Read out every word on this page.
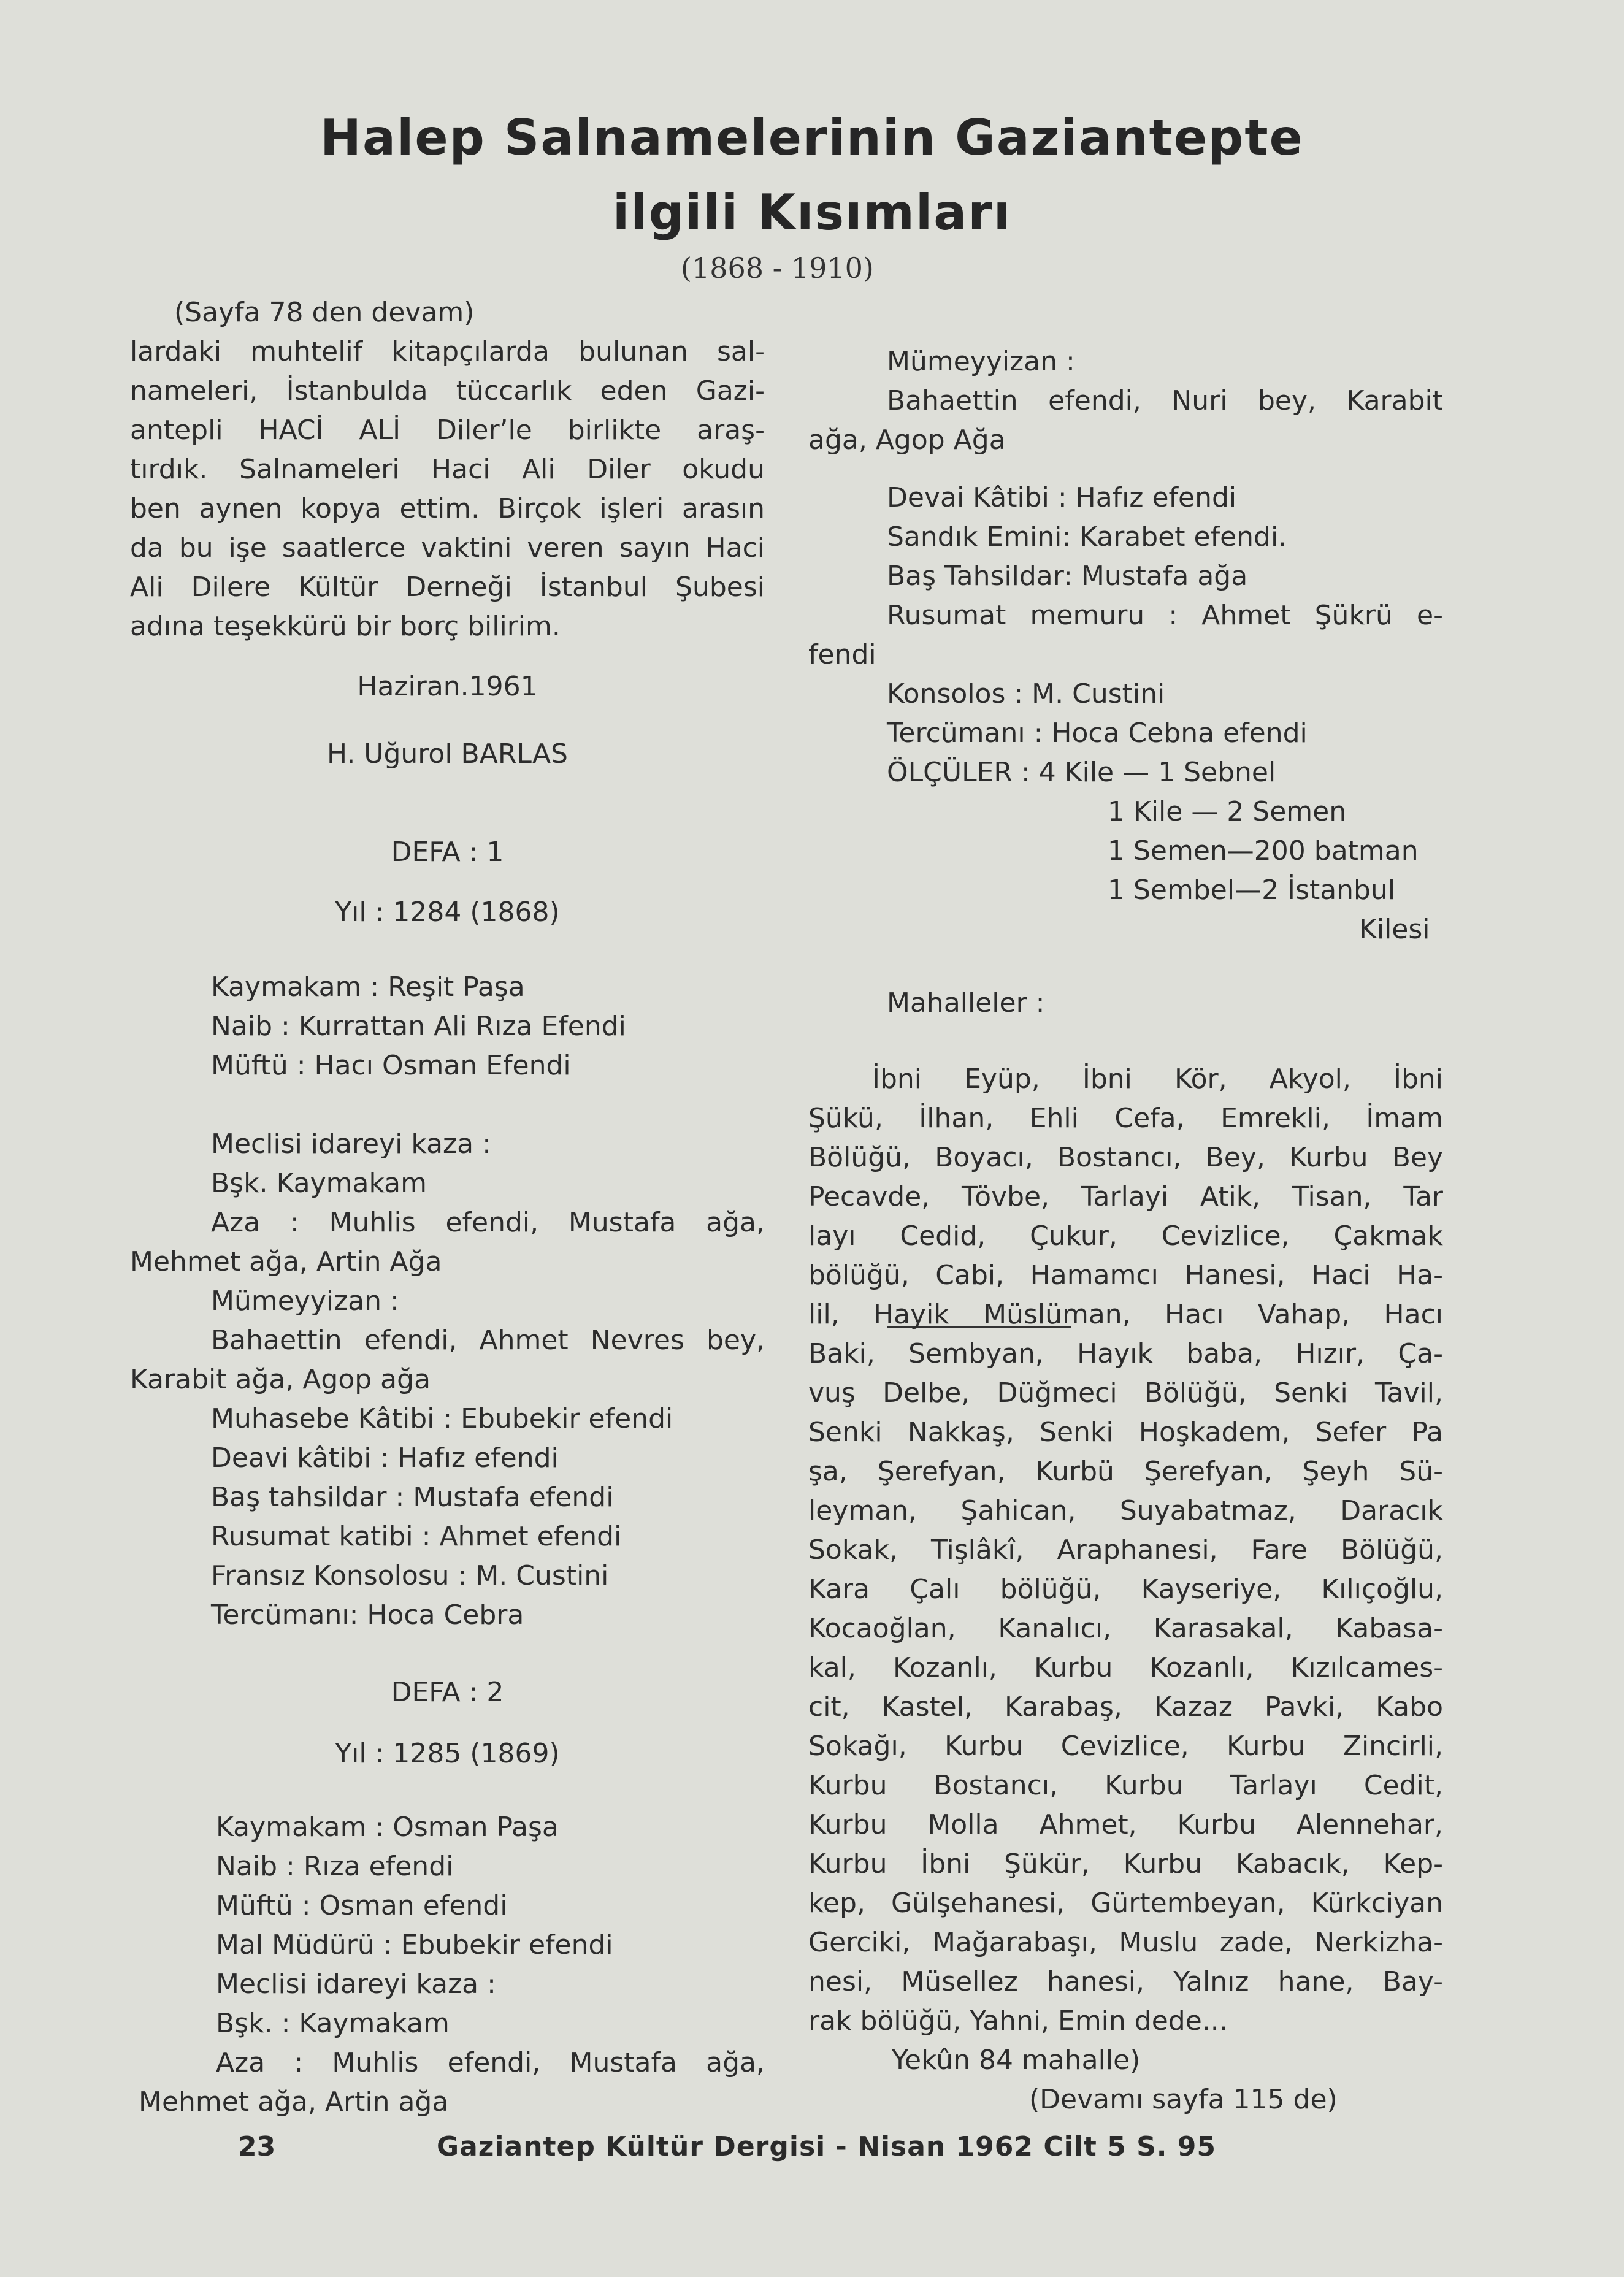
Halep Salnamelerinin Gaziantepte
ilgili Kısımları
(1868 - 1910)
(Sayfa 78 den devam)
lardaki muhtelif kitapçılarda bulunan sal-
nameleri, İstanbulda tüccarlık eden Gazi-
antepli HACİ ALİ Diler’le birlikte araş-
tırdık. Salnameleri Haci Ali Diler okudu
ben aynen kopya ettim. Birçok işleri arasın
da bu işe saatlerce vaktini veren sayın Haci
Ali Dilere Kültür Derneği İstanbul Şubesi
adına teşekkürü bir borç bilirim.
Haziran.1961
H. Uğurol BARLAS
DEFA : 1
Yıl : 1284 (1868)
Kaymakam : Reşit Paşa
Naib : Kurrattan Ali Rıza Efendi
Müftü : Hacı Osman Efendi
Meclisi idareyi kaza :
Bşk. Kaymakam
Aza : Muhlis efendi, Mustafa ağa,
Mehmet ağa, Artin Ağa
Mümeyyizan :
Bahaettin efendi, Ahmet Nevres bey,
Karabit ağa, Agop ağa
Muhasebe Kâtibi : Ebubekir efendi
Deavi kâtibi : Hafız efendi
Baş tahsildar : Mustafa efendi
Rusumat katibi : Ahmet efendi
Fransız Konsolosu : M. Custini
Tercümanı: Hoca Cebra
DEFA : 2
Yıl : 1285 (1869)
Kaymakam : Osman Paşa
Naib : Rıza efendi
Müftü : Osman efendi
Mal Müdürü : Ebubekir efendi
Meclisi idareyi kaza :
Bşk. : Kaymakam
Aza : Muhlis efendi, Mustafa ağa,
Mehmet ağa, Artin ağa
Mümeyyizan :
Bahaettin efendi, Nuri bey, Karabit
ağa, Agop Ağa
Devai Kâtibi : Hafız efendi
Sandık Emini: Karabet efendi.
Baş Tahsildar: Mustafa ağa
Rusumat memuru : Ahmet Şükrü e-
fendi
Konsolos : M. Custini
Tercümanı : Hoca Cebna efendi
ÖLÇÜLER : 4 Kile — 1 Sebnel
1 Kile — 2 Semen
1 Semen—200 batman
1 Sembel—2 İstanbul
Kilesi
Mahalleler :
İbni Eyüp, İbni Kör, Akyol, İbni
Şükü, İlhan, Ehli Cefa, Emrekli, İmam
Bölüğü, Boyacı, Bostancı, Bey, Kurbu Bey
Pecavde, Tövbe, Tarlayi Atik, Tisan, Tar
layı Cedid, Çukur, Cevizlice, Çakmak
bölüğü, Cabi, Hamamcı Hanesi, Haci Ha-
lil, Hayik Müslüman, Hacı Vahap, Hacı
Baki, Sembyan, Hayık baba, Hızır, Ça-
vuş Delbe, Düğmeci Bölüğü, Senki Tavil,
Senki Nakkaş, Senki Hoşkadem, Sefer Pa
şa, Şerefyan, Kurbü Şerefyan, Şeyh Sü-
leyman, Şahican, Suyabatmaz, Daracık
Sokak, Tişlâkî, Araphanesi, Fare Bölüğü,
Kara Çalı bölüğü, Kayseriye, Kılıçoğlu,
Kocaoğlan, Kanalıcı, Karasakal, Kabasa-
kal, Kozanlı, Kurbu Kozanlı, Kızılcames-
cit, Kastel, Karabaş, Kazaz Pavki, Kabo
Sokağı, Kurbu Cevizlice, Kurbu Zincirli,
Kurbu Bostancı, Kurbu Tarlayı Cedit,
Kurbu Molla Ahmet, Kurbu Alennehar,
Kurbu İbni Şükür, Kurbu Kabacık, Kep-
kep, Gülşehanesi, Gürtembeyan, Kürkciyan
Gerciki, Mağarabaşı, Muslu zade, Nerkizha-
nesi, Müsellez hanesi, Yalnız hane, Bay-
rak bölüğü, Yahni, Emin dede...
Yekûn 84 mahalle)
(Devamı sayfa 115 de)
23	Gaziantep Kültür Dergisi - Nisan 1962 Cilt 5 S. 95
